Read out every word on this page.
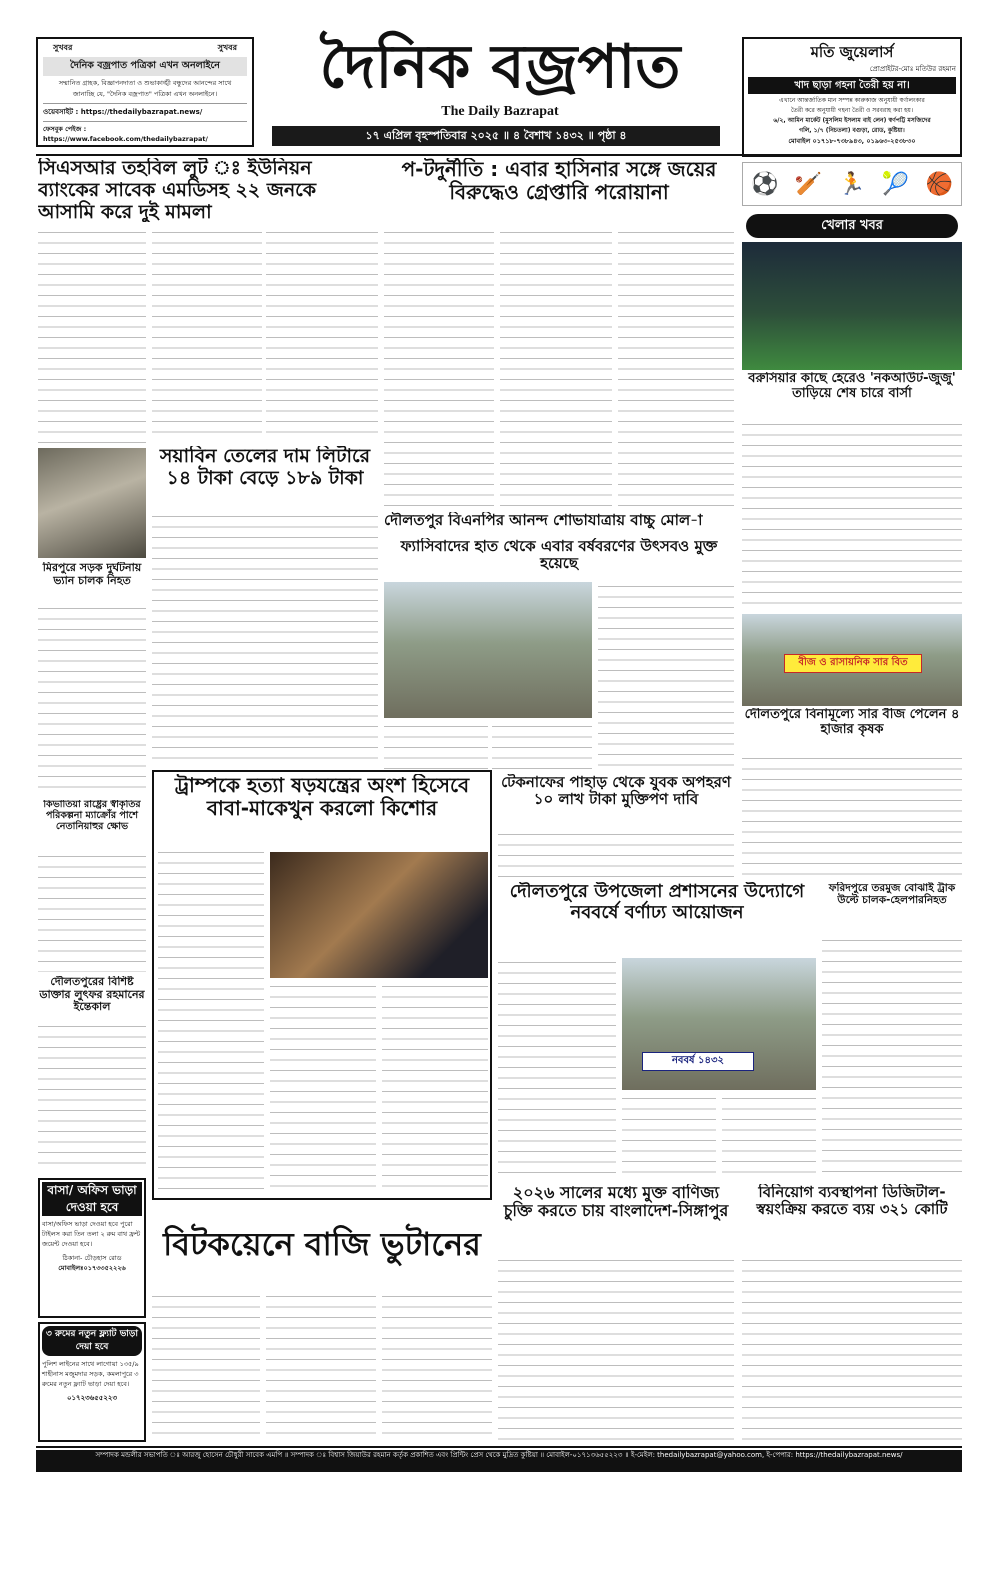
সুখবর	সুখবর
দৈনিক বজ্রপাত পত্রিকা এখন অনলাইনে
সম্মানিত গ্রাহক, বিজ্ঞাপনদাতা ও শুভাকাঙ্খী বন্ধুদের আনন্দের সাথে
জানাচ্ছি যে, "দৈনিক বজ্রপাত" পত্রিকা এখন অনলাইনে।
ওয়েবসাইট : https://thedailybazrapat.news/
ফেসবুক পেইজ : https://www.facebook.com/thedailybazrapat/
দৈনিক বজ্রপাত
The Daily Bazrapat
১৭ এপ্রিল বৃহস্পতিবার ২০২৫ ॥ ৪ বৈশাখ ১৪৩২ ॥ পৃষ্ঠা ৪
মতি জুয়েলার্স
প্রোপ্রাইটর-মোঃ মতিউর রহমান
খাদ ছাড়া গহনা তৈরী হয় না।
এখানে আন্তর্জাতিক মান সম্পন্ন কারুকাজ অনুযায়ী স্বর্ণালংকার
তৈরী করে অনুযায়ী গহনা তৈরী ও সরবরাহ করা হয়।
৬/২, আমিন মার্কেট (মুসলিম ইসলাম বাই লেন) স্বর্ণপট্টি মসজিদের
গলি, ১/৭ (নিচতলা) বগুড়া, রোড, কুষ্টিয়া।
মোবাইল ০১৭১৮-৭৩৮৯৪৩, ০১৯৬৩-২৫৩৮৩০
সিএসআর তহবিল লুট ঃ ইউনিয়ন ব্যাংকের সাবেক এমডিসহ ২২ জনকে আসামি করে দুই মামলা
প-টদুর্নীতি : এবার হাসিনার সঙ্গে জয়ের বিরুদ্ধেও গ্রেপ্তারি পরোয়ানা	⚽ 🏏 🏃 🎾 🏀
খেলার খবর
বরুসিয়ার কাছে হেরেও 'নকআউট-জুজু' তাড়িয়ে শেষ চারে বার্সা
মিরপুরে সড়ক দুর্ঘটনায় ভ্যান চালক নিহত
কিভাতিয়া রাষ্ট্রের স্বীকৃতির পরিকল্পনা ম্যাক্রোঁর পাশে নেতানিয়াহুর ক্ষোভ
দৌলতপুরের বিশিষ্ট ডাক্তার লুৎফর রহমানের ইন্তেকাল
বাসা/ অফিস ভাড়া দেওয়া হবে
বাসা/অফিস ভাড়া দেওয়া হবে পুরো টাইলস করা তিন তলা ২ রুম বাথ ফ্রন্ট জয়েন্ট দেওয়া হবে।
ঠিকানা- চৌড়হাস রোড
মোবাইলঃ০১৭৩৩৫২২২৬
৩ রুমের নতুন ফ্ল্যাট ভাড়া দেয়া হবে
পুলিশ লাইনের সাথে লাগোয়া ১৩৫/৯ শাহীনাস মজুমদার সড়ক, কমলাপুরে ৩ রুমের নতুন ফ্ল্যাট ভাড়া দেয়া হবে।
০১৭২৩৬৫৫২২৩
সয়াবিন তেলের দাম লিটারে ১৪ টাকা বেড়ে ১৮৯ টাকা
দৌলতপুর বিএনপির আনন্দ শোভাযাত্রায় বাচ্চু মোল-া
ফ্যাসিবাদের হাত থেকে এবার বর্ষবরণের উৎসবও মুক্ত হয়েছে
বীজ ও রাসায়নিক সার বিত
দৌলতপুরে বিনামূল্যে সার বীজ পেলেন ৪ হাজার কৃষক
ট্রাম্পকে হত্যা ষড়যন্ত্রের অংশ হিসেবে বাবা-মাকেখুন করলো কিশোর
টেকনাফের পাহাড় থেকে যুবক অপহরণ ১০ লাখ টাকা মুক্তিপণ দাবি
দৌলতপুরে উপজেলা প্রশাসনের উদ্যোগে নববর্ষে বর্ণাঢ্য আয়োজন
ফরিদপুরে তরমুজ বোঝাই ট্রাক উল্টে চালক-হেলপারনিহত
নববর্ষ ১৪৩২
বিটকয়েনে বাজি ভুটানের
২০২৬ সালের মধ্যে মুক্ত বাণিজ্য চুক্তি করতে চায় বাংলাদেশ-সিঙ্গাপুর
বিনিয়োগ ব্যবস্থাপনা ডিজিটাল-স্বয়ংক্রিয় করতে ব্যয় ৩২১ কোটি
সম্পাদক মন্ডলীর সভাপতি ঃ আরজু হোসেন চৌধুরী সাবেক এমপি ॥ সম্পাদক ঃ বিশ্বাস জিয়াউর রহমান কর্তৃক প্রকাশিত এবং প্রিন্টিং প্রেস থেকে মুদ্রিত কুষ্টিয়া ॥ মোবাইল-০১৭১৩৬৫৫২২৩ ॥ ই-মেইল: thedailybazrapat@yahoo.com, ই-পেপার: https://thedailybazrapat.news/
